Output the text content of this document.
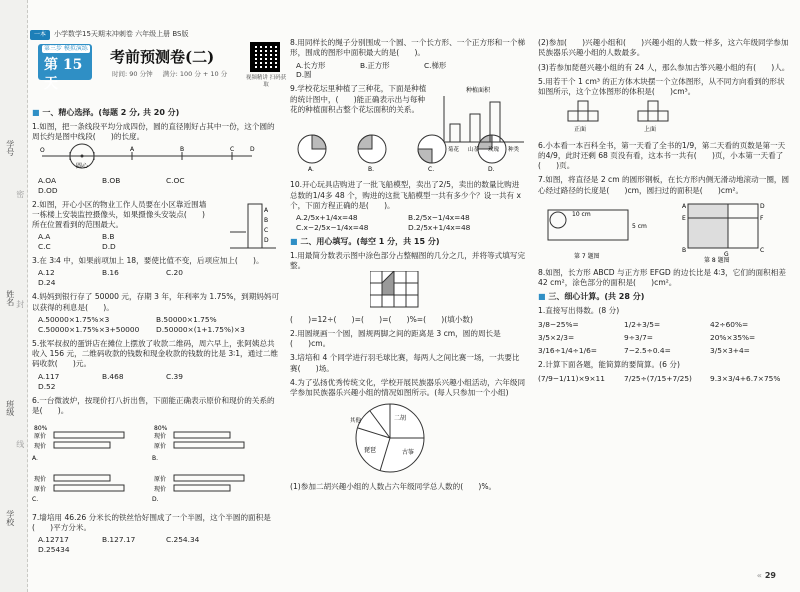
学号
姓名
班级
学校
密
封
线
一本	小学数学15天期末冲刺卷 六年级上册 BS版
第三步 模拟演练
第 15 天
考前预测卷(二)
时间: 90 分钟 满分: 100 分 + 10 分	视频精讲 扫码获取
■ 一、精心选择。(每题 2 分, 共 20 分)
1.如图，把一条线段平均分成四份，圆的直径刚好占其中一份，这个圆的周长约是图中线段(　　)的长度。
圆心
O	A	B	C	D
A.OA	B.OB	C.OC
D.OD
2.如图，开心小区的物业工作人员要在小区靠近围墙一栋楼上安装监控摄像头，如果摄像头安装点(　　)所在位置看到的范围最大。
A
B
C
D
A.A	B.B
C.C	D.D
3.在 3∶4 中，如果前项加上 18，要使比值不变，后项应加上(　　)。
A.12	B.16	C.20
D.24
4.妈妈到银行存了 50000 元，存期 3 年，年利率为 1.75%，到期妈妈可以获得的利息是(　　)。
A.50000×1.75%×3	B.50000×1.75%
C.50000×1.75%×3+50000	D.50000×(1+1.75%)×3
5.张军叔叔的蛋饼店在摊位上摆放了收款二维码，周六早上，张阿姨总共收入 156 元，二维码收款的钱数和现金收款的钱数的比是 3∶1，通过二维码收款(　　)元。
A.117	B.468	C.39
D.52
6.一台微波炉，按现价打八折出售，下面能正确表示原价和现价的关系的是(　　)。
80%
原价
现价
A.
80%
现价
原价
B.

现价
原价
C.
原价
现价
D.
7.墙培用 46.26 分米长的铁丝恰好围成了一个半圆，这个半圆的面积是(　　)平方分米。
A.12717	B.127.17	C.254.34
D.25434
8.用同样长的绳子分别围成一个圆、一个长方形、一个正方形和一个梯形，围成的图形中面积最大的是(　　)。
A.长方形	B.正方形	C.梯形
D.圆
9.学校花坛里种植了三种花，下面是种植的统计图中，(　　)能正确表示出与每种花的种植面积占整个花坛面积的关系。
种植面积
菊花 山茶 玫瑰 种类
A.	B.	C.	D.
10.开心玩具店购进了一批飞船模型，卖出了2/5，卖出的数量比购进总数的1/4多 48 个，购进的这批飞船模型一共有多少个？设一共有 x 个，下面方程正确的是(　　)。
A.2/5x+1/4x=48	B.2/5x−1/4x=48
C.x−2/5x−1/4x=48	D.2/5x+1/4x=48
■ 二、用心填写。(每空 1 分，共 15 分)
1.用最简分数表示图中涂色部分占整幅图的几分之几，并将等式填写完整。
(　　)=12÷(　　)=(　　)=(　　)%=(　　)(填小数)
2.用圆规画一个圆，圆规两脚之间的距离是 3 cm，圆的周长是(　　)cm。
3.培培和 4 个同学进行羽毛球比赛，每两人之间比赛一场，一共要比赛(　　)场。
4.为了弘扬优秀传统文化，学校开展民族器乐兴趣小组活动，六年级同学参加民族器乐兴趣小组的情况如图所示。(每人只参加一个小组)
二胡
古筝
琵琶
其他
(1)参加二胡兴趣小组的人数占六年级同学总人数的(　　)%。
(2)参加(　　)兴趣小组和(　　)兴趣小组的人数一样多，这六年级同学参加民族器乐兴趣小组的人数最多。
(3)若参加琵琶兴趣小组的有 24 人，那么参加古筝兴趣小组的有(　　)人。
5.用若干个 1 cm³ 的正方体木块摆一个立体图形，从不同方向看到的形状如图所示，这个立体图形的体积是(　　)cm³。
正面	上面
6.小本看一本百科全书，第一天看了全书的1/9，第二天看的页数是第一天的4/9，此时还剩 68 页没有看，这本书一共有(　　)页，小本第一天看了(　　)页。
7.如图，将直径是 2 cm 的圆形钢板，在长方形内侧无滑动地滚动一圈，圆心经过路径的长度是(　　)cm，圆扫过的面积是(　　)cm²。
10 cm
5 cm
第 7 题图
A	D
E	F
B
G
C
第 8 题图
8.如图，长方形 ABCD 与正方形 EFGD 的边长比是 4∶3，它们的面积相差 42 cm²，涂色部分的面积是(　　)cm²。
■ 三、细心计算。(共 28 分)
1.直接写出得数。(8 分)
3/8−25%=	1/2+3/5=	42÷60%=
3/5×2/3=	9÷3/7=	20%×35%=
3/16÷1/4÷1/6=	7−2.5÷0.4=	3/5×3+4=
2.计算下面各题，能简算的要简算。(6 分)
(7/9−1/11)×9×11	7/25÷(7/15+7/25)	9.3×3/4+6.7×75%
« 29
